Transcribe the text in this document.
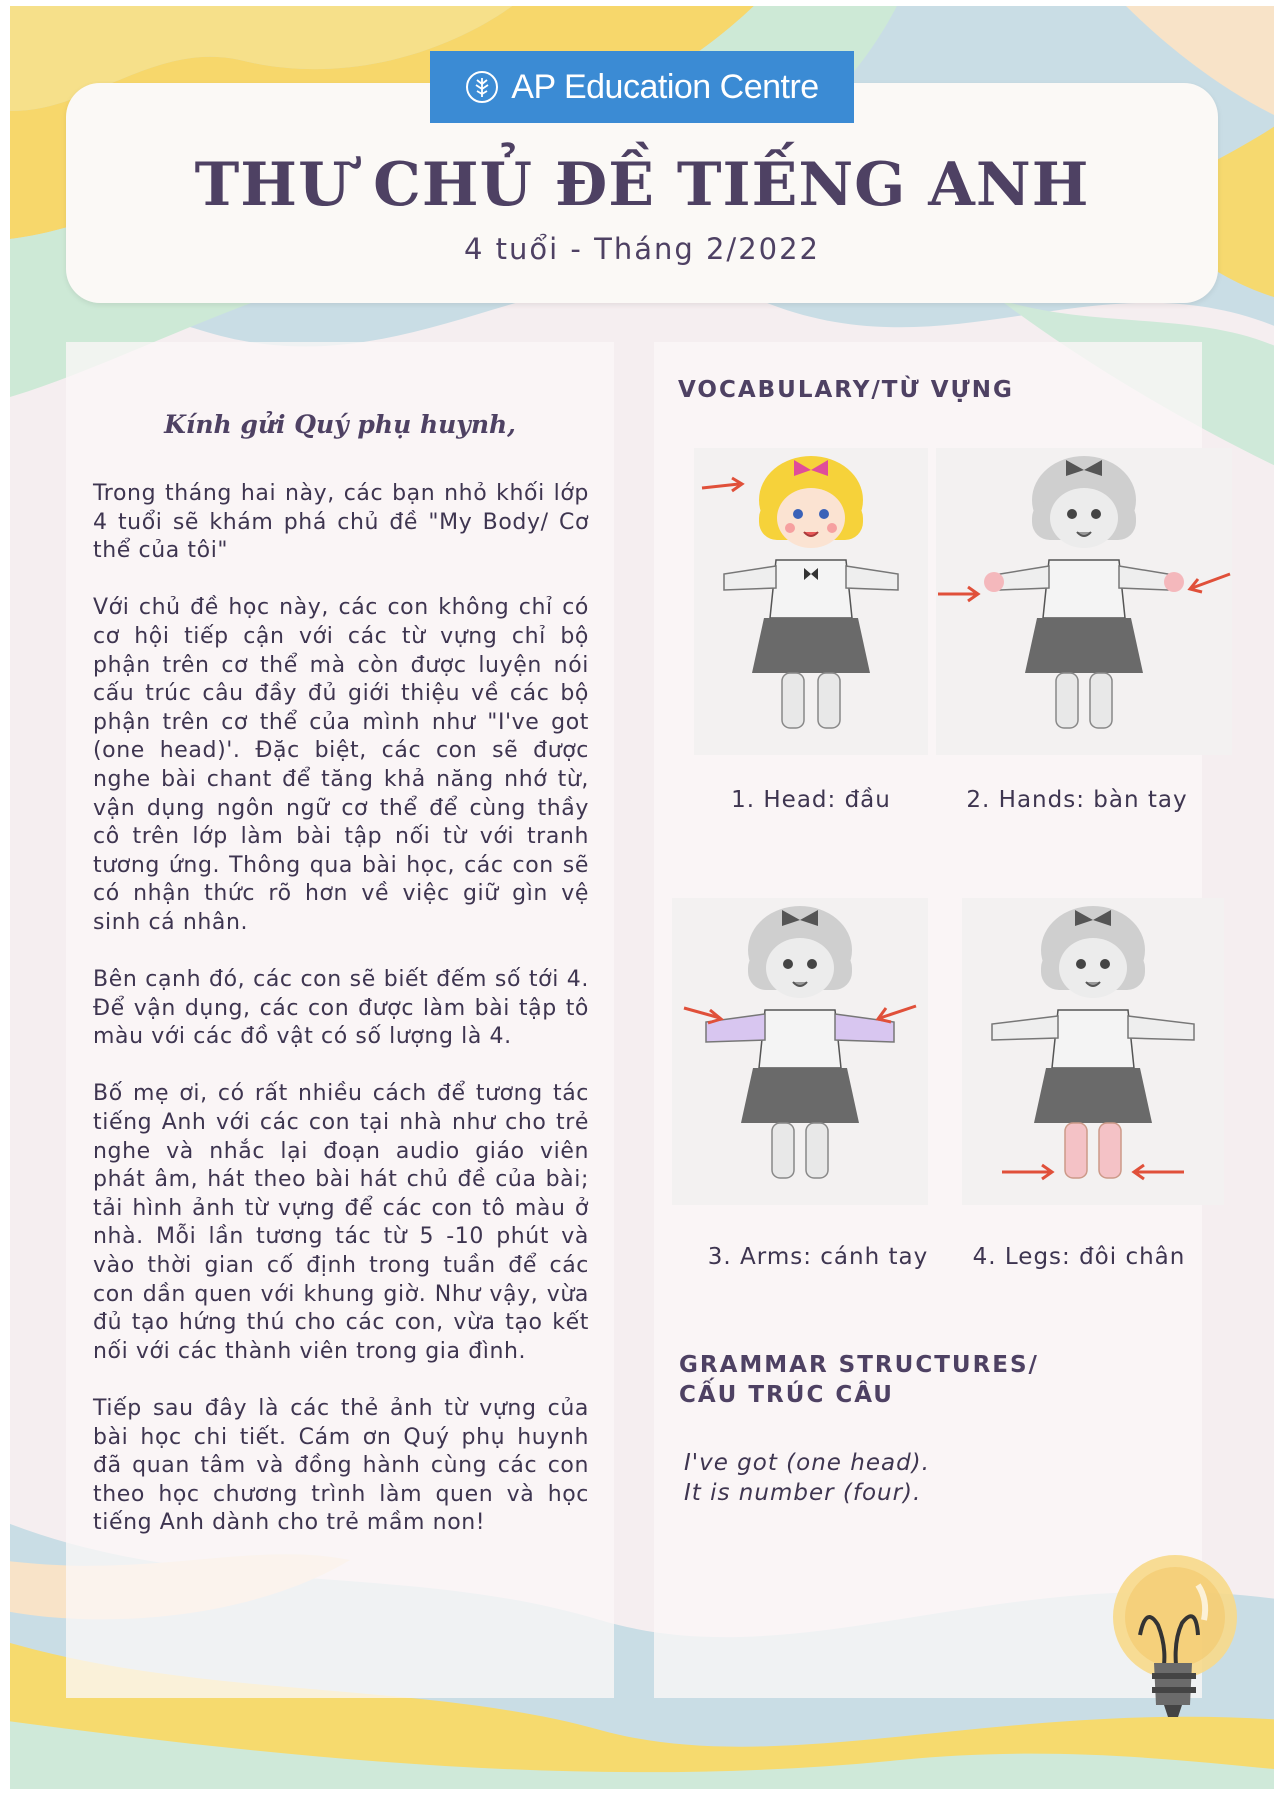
AP Education Centre
THƯ CHỦ ĐỀ TIẾNG ANH
4 tuổi - Tháng 2/2022
Kính gửi Quý phụ huynh,

Trong tháng hai này, các bạn nhỏ khối lớp 4 tuổi sẽ khám phá chủ đề "My Body/ Cơ thể của tôi"

Với chủ đề học này, các con không chỉ có cơ hội tiếp cận với các từ vựng chỉ bộ phận trên cơ thể mà còn được luyện nói cấu trúc câu đầy đủ giới thiệu về các bộ phận trên cơ thể của mình như "I've got (one head)'. Đặc biệt, các con sẽ được nghe bài chant để tăng khả năng nhớ từ, vận dụng ngôn ngữ cơ thể để cùng thầy cô trên lớp làm bài tập nối từ với tranh tương ứng. Thông qua bài học, các con sẽ có nhận thức rõ hơn về việc giữ gìn vệ sinh cá nhân.

Bên cạnh đó, các con sẽ biết đếm số tới 4. Để vận dụng, các con được làm bài tập tô màu với các đồ vật có số lượng là 4.

Bố mẹ ơi, có rất nhiều cách để tương tác tiếng Anh với các con tại nhà như cho trẻ nghe và nhắc lại đoạn audio giáo viên phát âm, hát theo bài hát chủ đề của bài; tải hình ảnh từ vựng để các con tô màu ở nhà. Mỗi lần tương tác từ 5 -10 phút và vào thời gian cố định trong tuần để các con dần quen với khung giờ. Như vậy, vừa đủ tạo hứng thú cho các con, vừa tạo kết nối với các thành viên trong gia đình.

Tiếp sau đây là các thẻ ảnh từ vựng của bài học chi tiết. Cám ơn Quý phụ huynh đã quan tâm và đồng hành cùng các con theo học chương trình làm quen và học tiếng Anh dành cho trẻ mầm non!

VOCABULARY/TỪ VỰNG
1. Head: đầu	2. Hands: bàn tay
3. Arms: cánh tay	4. Legs: đôi chân
GRAMMAR STRUCTURES/
CẤU TRÚC CÂU
I've got (one head).
It is number (four).
